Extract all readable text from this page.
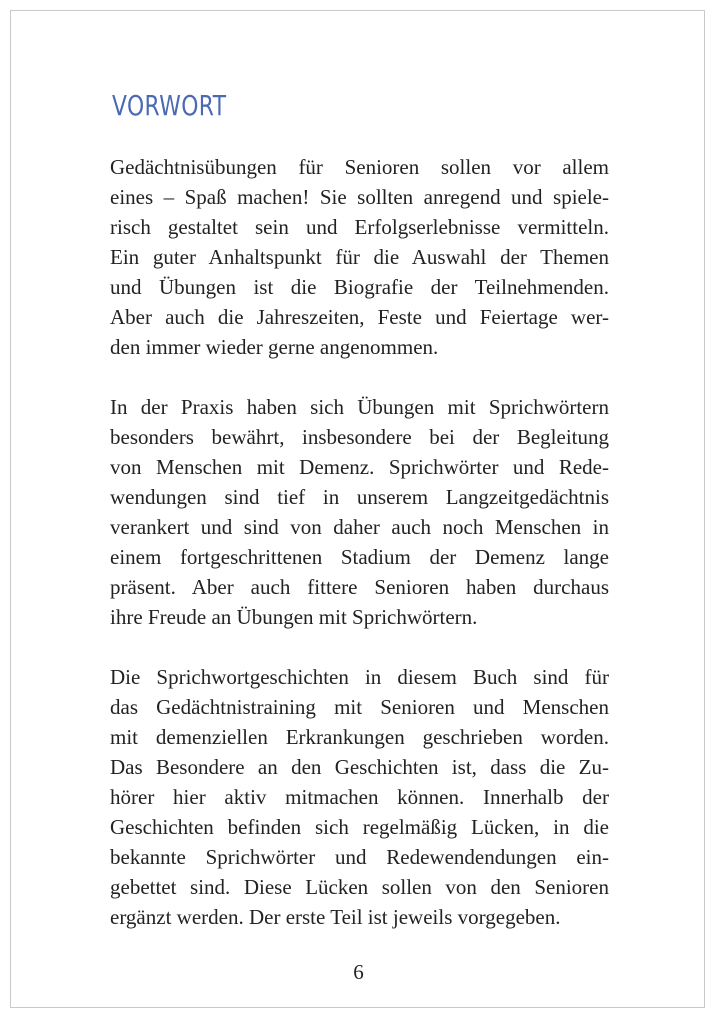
VORWORT

Gedächtnisübungen für Senioren sollen vor allem
eines – Spaß machen! Sie sollten anregend und spiele-
risch gestaltet sein und Erfolgserlebnisse vermitteln.
Ein guter Anhaltspunkt für die Auswahl der Themen
und Übungen ist die Biografie der Teilnehmenden.
Aber auch die Jahreszeiten, Feste und Feiertage wer-
den immer wieder gerne angenommen.

In der Praxis haben sich Übungen mit Sprichwörtern
besonders bewährt, insbesondere bei der Begleitung
von Menschen mit Demenz. Sprichwörter und Rede-
wendungen sind tief in unserem Langzeitgedächtnis
verankert und sind von daher auch noch Menschen in
einem fortgeschrittenen Stadium der Demenz lange
präsent. Aber auch fittere Senioren haben durchaus
ihre Freude an Übungen mit Sprichwörtern.

Die Sprichwortgeschichten in diesem Buch sind für
das Gedächtnistraining mit Senioren und Menschen
mit demenziellen Erkrankungen geschrieben worden.
Das Besondere an den Geschichten ist, dass die Zu-
hörer hier aktiv mitmachen können. Innerhalb der
Geschichten befinden sich regelmäßig Lücken, in die
bekannte Sprichwörter und Redewendendungen ein-
gebettet sind. Diese Lücken sollen von den Senioren
ergänzt werden. Der erste Teil ist jeweils vorgegeben.

6
